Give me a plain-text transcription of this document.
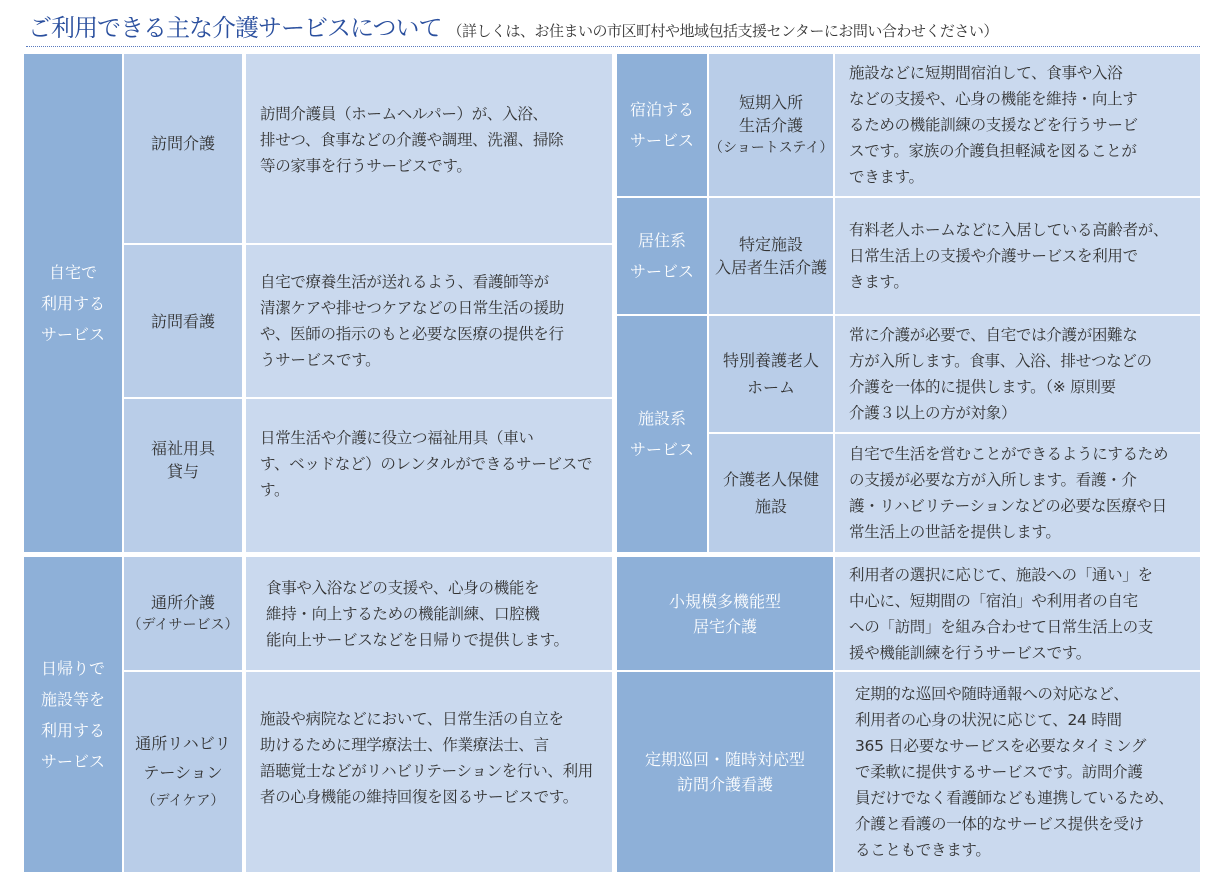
ご利用できる主な介護サービスについて （詳しくは、お住まいの市区町村や地域包括支援センターにお問い合わせください）
自宅で
利用する
サービス
訪問介護
訪問介護員（ホームヘルパー）が、入浴、
排せつ、食事などの介護や調理、洗濯、掃除
等の家事を行うサービスです。
訪問看護
自宅で療養生活が送れるよう、看護師等が
清潔ケアや排せつケアなどの日常生活の援助
や、医師の指示のもと必要な医療の提供を行
うサービスです。
福祉用具
貸与
日常生活や介護に役立つ福祉用具（車い
す、ベッドなど）のレンタルができるサービスで
す。
日帰りで
施設等を
利用する
サービス
通所介護
（デイサービス）
食事や入浴などの支援や、心身の機能を
維持・向上するための機能訓練、口腔機
能向上サービスなどを日帰りで提供します。
通所リハビリ
テーション
（デイケア）
施設や病院などにおいて、日常生活の自立を
助けるために理学療法士、作業療法士、言
語聴覚士などがリハビリテーションを行い、利用
者の心身機能の維持回復を図るサービスです。
宿泊する
サービス
短期入所
生活介護
（ショートステイ）
施設などに短期間宿泊して、食事や入浴
などの支援や、心身の機能を維持・向上す
るための機能訓練の支援などを行うサービ
スです。家族の介護負担軽減を図ることが
できます。
居住系
サービス
特定施設
入居者生活介護
有料老人ホームなどに入居している高齢者が、
日常生活上の支援や介護サービスを利用で
きます。
施設系
サービス
特別養護老人
ホーム
常に介護が必要で、自宅では介護が困難な
方が入所します。食事、入浴、排せつなどの
介護を一体的に提供します。（※ 原則要
介護３以上の方が対象）
介護老人保健
施設
自宅で生活を営むことができるようにするため
の支援が必要な方が入所します。看護・介
護・リハビリテーションなどの必要な医療や日
常生活上の世話を提供します。
小規模多機能型
居宅介護
利用者の選択に応じて、施設への「通い」を
中心に、短期間の「宿泊」や利用者の自宅
への「訪問」を組み合わせて日常生活上の支
援や機能訓練を行うサービスです。
定期巡回・随時対応型
訪問介護看護
定期的な巡回や随時通報への対応など、
利用者の心身の状況に応じて、24 時間
365 日必要なサービスを必要なタイミング
で柔軟に提供するサービスです。訪問介護
員だけでなく看護師なども連携しているため、
介護と看護の一体的なサービス提供を受け
ることもできます。
